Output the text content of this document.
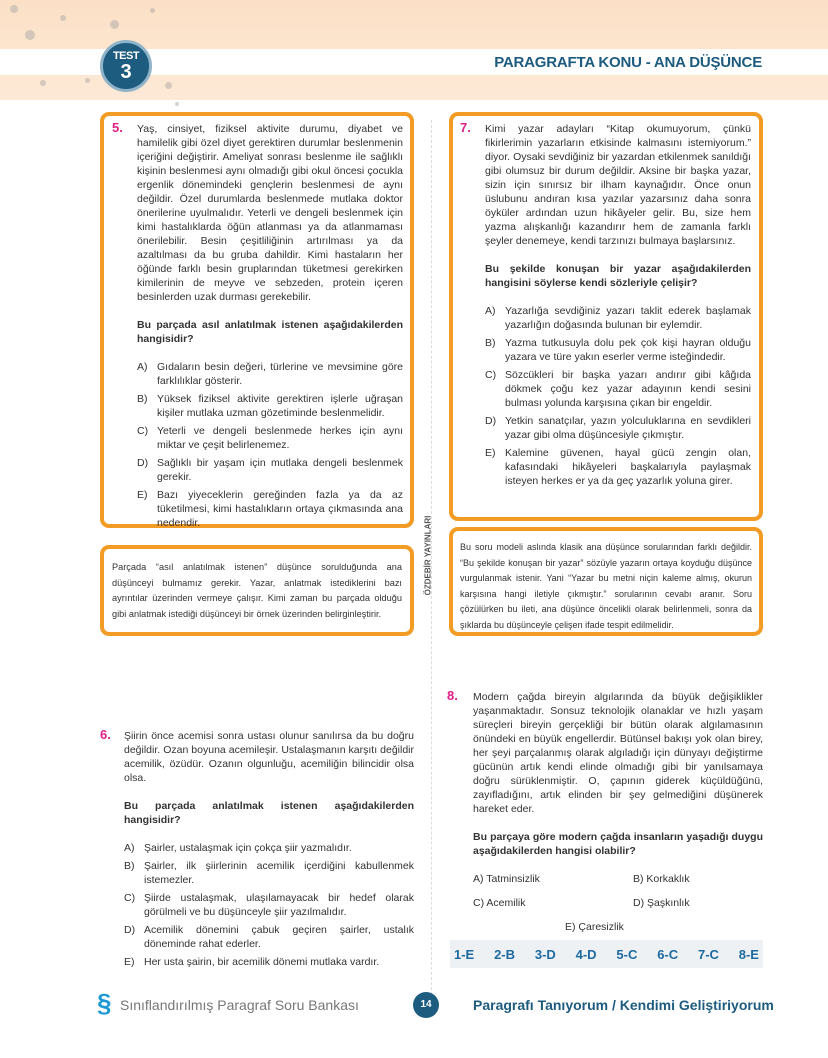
TEST
3	PARAGRAFTA KONU - ANA DÜŞÜNCE
5. Yaş, cinsiyet, fiziksel aktivite durumu, diyabet ve hamilelik gibi özel diyet gerektiren durumlar beslenmenin içeriğini değiştirir. Ameliyat sonrası beslenme ile sağlıklı kişinin beslenmesi aynı olmadığı gibi okul öncesi çocukla ergenlik dönemindeki gençlerin beslenmesi de aynı değildir. Özel durumlarda beslenmede mutlaka doktor önerilerine uyulmalıdır. Yeterli ve dengeli beslenmek için kimi hastalıklarda öğün atlanması ya da atlanmaması önerilebilir. Besin çeşitliliğinin artırılması ya da azaltılması da bu gruba dahildir. Kimi hastaların her öğünde farklı besin gruplarından tüketmesi gerekirken kimilerinin de meyve ve sebzeden, protein içeren besinlerden uzak durması gerekebilir.
Bu parçada asıl anlatılmak istenen aşağıdakilerden hangisidir?
A) Gıdaların besin değeri, türlerine ve mevsimine göre farklılıklar gösterir.
B) Yüksek fiziksel aktivite gerektiren işlerle uğraşan kişiler mutlaka uzman gözetiminde beslenmelidir.
C) Yeterli ve dengeli beslenmede herkes için aynı miktar ve çeşit belirlenemez.
D) Sağlıklı bir yaşam için mutlaka dengeli beslenmek gerekir.
E) Bazı yiyeceklerin gereğinden fazla ya da az tüketilmesi, kimi hastalıkların ortaya çıkmasında ana nedendir.
Parçada “asıl anlatılmak istenen” düşünce sorulduğunda ana düşünceyi bulmamız gerekir. Yazar, anlatmak istediklerini bazı ayrıntılar üzerinden vermeye çalışır. Kimi zaman bu parçada olduğu gibi anlatmak istediği düşünceyi bir örnek üzerinden belirginleştirir.
ÖZDEBİR YAYINLARI
7. Kimi yazar adayları “Kitap okumuyorum, çünkü fikirlerimin yazarların etkisinde kalmasını istemiyorum.” diyor. Oysaki sevdiğiniz bir yazardan etkilenmek sanıldığı gibi olumsuz bir durum değildir. Aksine bir başka yazar, sizin için sınırsız bir ilham kaynağıdır. Önce onun üslubunu andıran kısa yazılar yazarsınız daha sonra öyküler ardından uzun hikâyeler gelir. Bu, size hem yazma alışkanlığı kazandırır hem de zamanla farklı şeyler denemeye, kendi tarzınızı bulmaya başlarsınız.
Bu şekilde konuşan bir yazar aşağıdakilerden hangisini söylerse kendi sözleriyle çelişir?
A) Yazarlığa sevdiğiniz yazarı taklit ederek başlamak yazarlığın doğasında bulunan bir eylemdir.
B) Yazma tutkusuyla dolu pek çok kişi hayran olduğu yazara ve türe yakın eserler verme isteğindedir.
C) Sözcükleri bir başka yazarı andırır gibi kâğıda dökmek çoğu kez yazar adayının kendi sesini bulması yolunda karşısına çıkan bir engeldir.
D) Yetkin sanatçılar, yazın yolculuklarına en sevdikleri yazar gibi olma düşüncesiyle çıkmıştır.
E) Kalemine güvenen, hayal gücü zengin olan, kafasındaki hikâyeleri başkalarıyla paylaşmak isteyen herkes er ya da geç yazarlık yoluna girer.
Bu soru modeli aslında klasik ana düşünce sorularından farklı değildir. “Bu şekilde konuşan bir yazar” sözüyle yazarın ortaya koyduğu düşünce vurgulanmak istenir. Yani “Yazar bu metni niçin kaleme almış, okurun karşısına hangi iletiyle çıkmıştır.” sorularının cevabı aranır. Soru çözülürken bu ileti, ana düşünce öncelikli olarak belirlenmeli, sonra da şıklarda bu düşünceyle çelişen ifade tespit edilmelidir.
6. Şiirin önce acemisi sonra ustası olunur sanılırsa da bu doğru değildir. Ozan boyuna acemileşir. Ustalaşmanın karşıtı değildir acemilik, özüdür. Ozanın olgunluğu, acemiliğin bilincidir olsa olsa.
Bu parçada anlatılmak istenen aşağıdakilerden hangisidir?
A) Şairler, ustalaşmak için çokça şiir yazmalıdır.
B) Şairler, ilk şiirlerinin acemilik içerdiğini kabullenmek istemezler.
C) Şiirde ustalaşmak, ulaşılamayacak bir hedef olarak görülmeli ve bu düşünceyle şiir yazılmalıdır.
D) Acemilik dönemini çabuk geçiren şairler, ustalık döneminde rahat ederler.
E) Her usta şairin, bir acemilik dönemi mutlaka vardır.
8. Modern çağda bireyin algılarında da büyük değişiklikler yaşanmaktadır. Sonsuz teknolojik olanaklar ve hızlı yaşam süreçleri bireyin gerçekliği bir bütün olarak algılamasının önündeki en büyük engellerdir. Bütünsel bakışı yok olan birey, her şeyi parçalanmış olarak algıladığı için dünyayı değiştirme gücünün artık kendi elinde olmadığı gibi bir yanılsamaya doğru sürüklenmiştir. O, çapının giderek küçüldüğünü, zayıfladığını, artık elinden bir şey gelmediğini düşünerek hareket eder.
Bu parçaya göre modern çağda insanların yaşadığı duygu aşağıdakilerden hangisi olabilir?
A) Tatminsizlik	B) Korkaklık
C) Acemilik	D) Şaşkınlık
E) Çaresizlik
1-E 2-B 3-D 4-D 5-C 6-C 7-C 8-E
§ Sınıflandırılmış Paragraf Soru Bankası	14	Paragrafı Tanıyorum / Kendimi Geliştiriyorum
